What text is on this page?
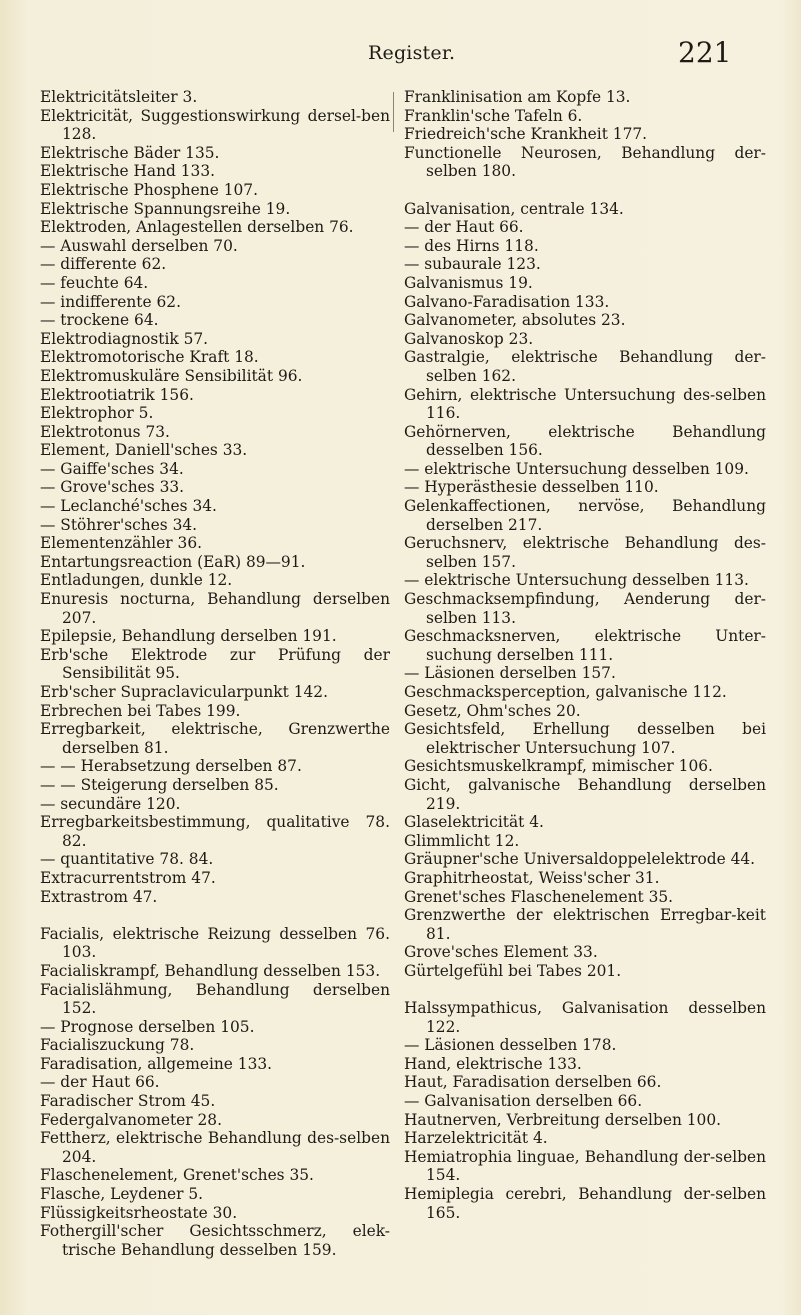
Register.	221
Elektricitätsleiter 3.
Elektricität, Suggestionswirkung dersel-ben 128.
Elektrische Bäder 135.
Elektrische Hand 133.
Elektrische Phosphene 107.
Elektrische Spannungsreihe 19.
Elektroden, Anlagestellen derselben 76.
— Auswahl derselben 70.
— differente 62.
— feuchte 64.
— indifferente 62.
— trockene 64.
Elektrodiagnostik 57.
Elektromotorische Kraft 18.
Elektromuskuläre Sensibilität 96.
Elektrootiatrik 156.
Elektrophor 5.
Elektrotonus 73.
Element, Daniell'sches 33.
— Gaiffe'sches 34.
— Grove'sches 33.
— Leclanché'sches 34.
— Stöhrer'sches 34.
Elementenzähler 36.
Entartungsreaction (EaR) 89—91.
Entladungen, dunkle 12.
Enuresis nocturna, Behandlung derselben 207.
Epilepsie, Behandlung derselben 191.
Erb'sche Elektrode zur Prüfung der Sensibilität 95.
Erb'scher Supraclavicularpunkt 142.
Erbrechen bei Tabes 199.
Erregbarkeit, elektrische, Grenzwerthe derselben 81.
— — Herabsetzung derselben 87.
— — Steigerung derselben 85.
— secundäre 120.
Erregbarkeitsbestimmung, qualitative 78. 82.
— quantitative 78. 84.
Extracurrentstrom 47.
Extrastrom 47.
Facialis, elektrische Reizung desselben 76. 103.
Facialiskrampf, Behandlung desselben 153.
Facialislähmung, Behandlung derselben 152.
— Prognose derselben 105.
Facialiszuckung 78.
Faradisation, allgemeine 133.
— der Haut 66.
Faradischer Strom 45.
Federgalvanometer 28.
Fettherz, elektrische Behandlung des-selben 204.
Flaschenelement, Grenet'sches 35.
Flasche, Leydener 5.
Flüssigkeitsrheostate 30.
Fothergill'scher Gesichtsschmerz, elek-trische Behandlung desselben 159.
Franklinisation am Kopfe 13.
Franklin'sche Tafeln 6.
Friedreich'sche Krankheit 177.
Functionelle Neurosen, Behandlung der-selben 180.
Galvanisation, centrale 134.
— der Haut 66.
— des Hirns 118.
— subaurale 123.
Galvanismus 19.
Galvano-Faradisation 133.
Galvanometer, absolutes 23.
Galvanoskop 23.
Gastralgie, elektrische Behandlung der-selben 162.
Gehirn, elektrische Untersuchung des-selben 116.
Gehörnerven, elektrische Behandlung desselben 156.
— elektrische Untersuchung desselben 109.
— Hyperästhesie desselben 110.
Gelenkaffectionen, nervöse, Behandlung derselben 217.
Geruchsnerv, elektrische Behandlung des-selben 157.
— elektrische Untersuchung desselben 113.
Geschmacksempfindung, Aenderung der-selben 113.
Geschmacksnerven, elektrische Unter-suchung derselben 111.
— Läsionen derselben 157.
Geschmacksperception, galvanische 112.
Gesetz, Ohm'sches 20.
Gesichtsfeld, Erhellung desselben bei elektrischer Untersuchung 107.
Gesichtsmuskelkrampf, mimischer 106.
Gicht, galvanische Behandlung derselben 219.
Glaselektricität 4.
Glimmlicht 12.
Gräupner'sche Universaldoppelelektrode 44.
Graphitrheostat, Weiss'scher 31.
Grenet'sches Flaschenelement 35.
Grenzwerthe der elektrischen Erregbar-keit 81.
Grove'sches Element 33.
Gürtelgefühl bei Tabes 201.
Halssympathicus, Galvanisation desselben 122.
— Läsionen desselben 178.
Hand, elektrische 133.
Haut, Faradisation derselben 66.
— Galvanisation derselben 66.
Hautnerven, Verbreitung derselben 100.
Harzelektricität 4.
Hemiatrophia linguae, Behandlung der-selben 154.
Hemiplegia cerebri, Behandlung der-selben 165.
